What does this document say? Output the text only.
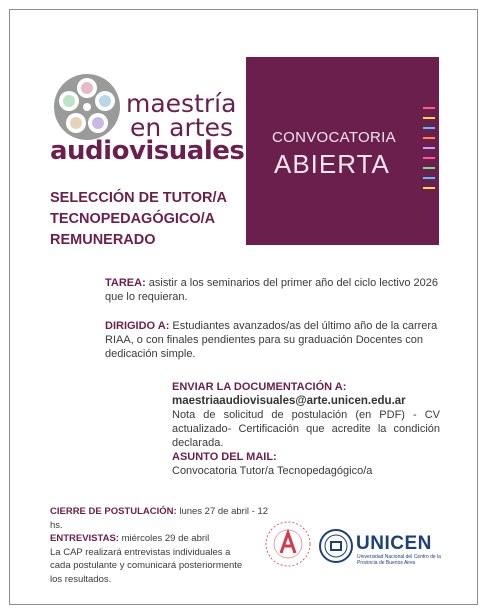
maestría
en artes
audiovisuales
SELECCIÓN DE TUTOR/A
TECNOPEDAGÓGICO/A
REMUNERADO
CONVOCATORIA
ABIERTA
TAREA: asistir a los seminarios del primer año del ciclo lectivo 2026 que lo requieran.
DIRIGIDO A: Estudiantes avanzados/as del último año de la carrera RIAA, o con finales pendientes para su graduación Docentes con dedicación simple.
ENVIAR LA DOCUMENTACIÓN A:
maestriaaudiovisuales@arte.unicen.edu.ar
Nota de solicitud de postulación (en PDF) - CV actualizado- Certificación que acredite la condición declarada.
ASUNTO DEL MAIL:
Convocatoria Tutor/a Tecnopedagógico/a
CIERRE DE POSTULACIÓN: lunes 27 de abril - 12 hs.
ENTREVISTAS: miércoles 29 de abril
La CAP realizará entrevistas individuales a cada postulante y comunicará posteriormente los resultados.
UNICEN
Universidad Nacional del Centro de la Provincia de Buenos Aires
